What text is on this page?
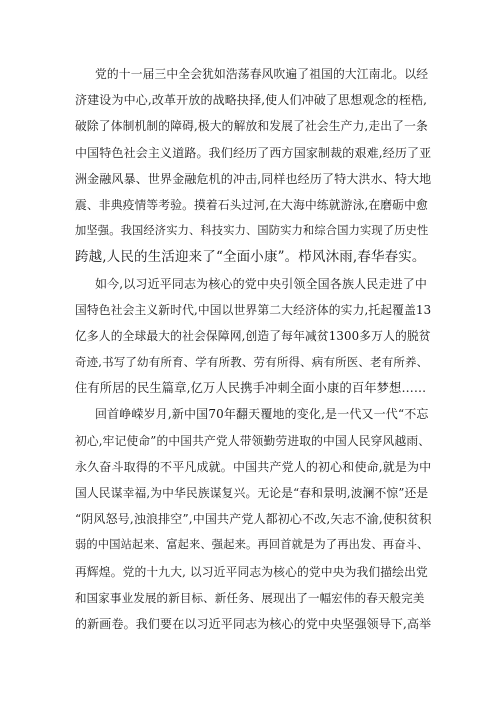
党的十一届三中全会犹如浩荡春风吹遍了祖国的大江南北。以经
济建设为中心,改革开放的战略抉择,使人们冲破了思想观念的桎梏,
破除了体制机制的障碍,极大的解放和发展了社会生产力,走出了一条
中国特色社会主义道路。我们经历了西方国家制裁的艰难,经历了亚
洲金融风暴、世界金融危机的冲击,同样也经历了特大洪水、特大地
震、非典疫情等考验。摸着石头过河,在大海中练就游泳,在磨砺中愈
加坚强。我国经济实力、科技实力、国防实力和综合国力实现了历史性
跨越,人民的生活迎来了“全面小康”。栉风沐雨,春华春实。
如今,以习近平同志为核心的党中央引领全国各族人民走进了中
国特色社会主义新时代,中国以世界第二大经济体的实力,托起覆盖13
亿多人的全球最大的社会保障网,创造了每年减贫1300多万人的脱贫
奇迹,书写了幼有所育、学有所教、劳有所得、病有所医、老有所养、
住有所居的民生篇章,亿万人民携手冲刺全面小康的百年梦想……
回首峥嵘岁月,新中国70年翻天覆地的变化,是一代又一代“不忘
初心,牢记使命”的中国共产党人带领勤劳进取的中国人民穿风越雨、
永久奋斗取得的不平凡成就。中国共产党人的初心和使命,就是为中
国人民谋幸福,为中华民族谋复兴。无论是“春和景明,波澜不惊”还是
“阴风怒号,浊浪排空”,中国共产党人都初心不改,矢志不渝,使积贫积
弱的中国站起来、富起来、强起来。再回首就是为了再出发、再奋斗、
再辉煌。党的十九大, 以习近平同志为核心的党中央为我们描绘出党
和国家事业发展的新目标、新任务、展现出了一幅宏伟的春天般完美
的新画卷。我们要在以习近平同志为核心的党中央坚强领导下,高举
